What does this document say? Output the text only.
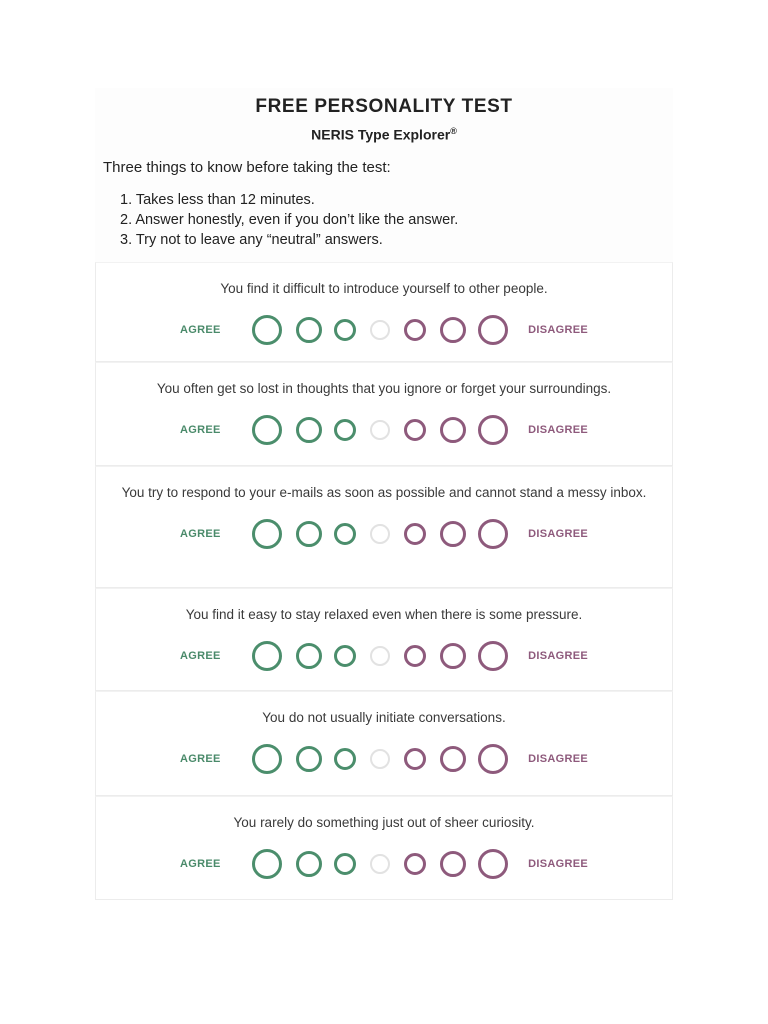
FREE PERSONALITY TEST
NERIS Type Explorer®
Three things to know before taking the test:
1. Takes less than 12 minutes.
2. Answer honestly, even if you don’t like the answer.
3. Try not to leave any “neutral” answers.
You find it difficult to introduce yourself to other people.
AGREE	DISAGREE
You often get so lost in thoughts that you ignore or forget your surroundings.
AGREE	DISAGREE
You try to respond to your e-mails as soon as possible and cannot stand a messy inbox.
AGREE	DISAGREE
You find it easy to stay relaxed even when there is some pressure.
AGREE	DISAGREE
You do not usually initiate conversations.
AGREE	DISAGREE
You rarely do something just out of sheer curiosity.
AGREE	DISAGREE
